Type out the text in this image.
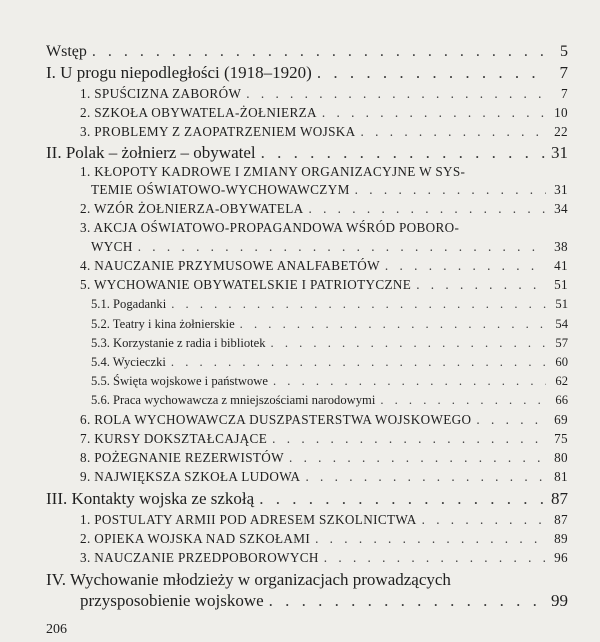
Wstęp . . .	5
I. U progu niepodległości (1918–1920) . . .	7
1. SPUŚCIZNA ZABORÓW . . .	7
2. SZKOŁA OBYWATELA-ŻOŁNIERZA . . .	10
3. PROBLEMY Z ZAOPATRZENIEM WOJSKA . . .	22
II. Polak – żołnierz – obywatel . . .	31
1. KŁOPOTY KADROWE I ZMIANY ORGANIZACYJNE W SYS-
TEMIE OŚWIATOWO-WYCHOWAWCZYM . . .	31
2. WZÓR ŻOŁNIERZA-OBYWATELA . . .	34
3. AKCJA OŚWIATOWO-PROPAGANDOWA WŚRÓD POBORO-
WYCH . . .	38
4. NAUCZANIE PRZYMUSOWE ANALFABETÓW . . .	41
5. WYCHOWANIE OBYWATELSKIE I PATRIOTYCZNE . . .	51
5.1. Pogadanki . . .	51
5.2. Teatry i kina żołnierskie . . .	54
5.3. Korzystanie z radia i bibliotek . . .	57
5.4. Wycieczki . . .	60
5.5. Święta wojskowe i państwowe . . .	62
5.6. Praca wychowawcza z mniejszościami narodowymi . . .	66
6. ROLA WYCHOWAWCZA DUSZPASTERSTWA WOJSKOWEGO . . .	69
7. KURSY DOKSZTAŁCAJĄCE . . .	75
8. POŻEGNANIE REZERWISTÓW . . .	80
9. NAJWIĘKSZA SZKOŁA LUDOWA . . .	81
III. Kontakty wojska ze szkołą . . .	87
1. POSTULATY ARMII POD ADRESEM SZKOLNICTWA . . .	87
2. OPIEKA WOJSKA NAD SZKOŁAMI . . .	89
3. NAUCZANIE PRZEDPOBOROWYCH . . .	96
IV. Wychowanie młodzieży w organizacjach prowadzących
przysposobienie wojskowe . . .	99
206
